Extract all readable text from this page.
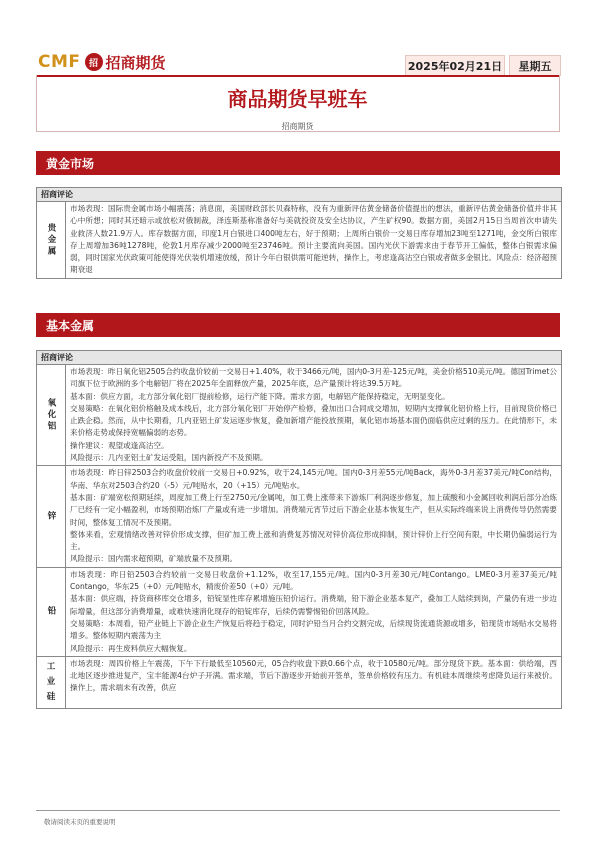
CMF 招 招商期货	2025年02月21日	星期五
商品期货早班车
招商期货
黄金市场
招商评论
贵金属

市场表现：国际贵金属市场小幅震荡；消息面，美国财政部长贝森特称，没有为重新评估黄金储备价值提出的想法，重新评估黄金储备价值并非其心中所想；同时其还暗示或放松对俄制裁，泽连斯基称准备好与美就投资及安全达协议，产生矿权90。数据方面，美国2月15日当周首次申请失业救济人数21.9万人。库存数据方面，印度1月白银进口400吨左右，好于预期；上周所白银价一交易日库存增加23吨至1271吨，金交所白银库存上周增加36吨1278吨，伦敦1月库存减少2000吨至23746吨。预计主要流向美国。国内光伏下游需求由于春节开工偏低，整体白银需求偏弱，同时国家光伏政策可能使得光伏装机增速放缓，预计今年白银供需可能逆转，操作上，考虑逢高沽空白银或者做多金银比。风险点：经济超预期衰退

基本金属
招商评论
氧化铝

市场表现：昨日氧化铝2505合约收盘价较前一交易日+1.40%，收于3466元/吨，国内0-3月差-125元/吨，美金价格510美元/吨。德国Trimet公司旗下位于欧洲的多个电解铝厂将在2025年全面释放产量，2025年底，总产量预计将达39.5万吨。

基本面：供应方面，北方部分氧化铝厂提前检修，运行产能下降。需求方面，电解铝产能保持稳定，无明显变化。

交易策略：在氧化铝价格触及成本线后，北方部分氧化铝厂开始停产检修，叠加出口合同成交增加，短期内支撑氧化铝价格上行，目前现货价格已止跌企稳。然而，从中长期看，几内亚铝土矿发运逐步恢复，叠加新增产能投放预期，氧化铝市场基本面仍面临供应过剩的压力。在此情形下，未来价格走势或保持宽幅偏弱的态势。

操作建议：观望或逢高沽空。

风险提示：几内亚铝土矿发运受阻，国内新投产不及预期。

锌

市场表现：昨日锌2503合约收盘价较前一交易日+0.92%，收于24,145元/吨。国内0-3月差55元/吨Back，海外0-3月差37美元/吨Con结构，华南、华东对2503合约20（-5）元/吨贴水，20（+15）元/吨贴水。

基本面：矿端宽松预期延续，周度加工费上行至2750元/金属吨，加工费上涨带来下游炼厂利润逐步修复，加上硫酸和小金属回收利润后部分冶炼厂已经有一定小幅盈利，市场预期冶炼厂产量或有进一步增加。消费端元宵节过后下游企业基本恢复生产，但从实际终端来说上消费传导仍然需要时间，整体复工情况不及预期。

整体来看，宏观情绪改善对锌价形成支撑，但矿加工费上涨和消费复苏情况对锌价高位形成抑制，预计锌价上行空间有限，中长期仍偏弱运行为主。

风险提示：国内需求超预期，矿端放量不及预期。

铅

市场表现：昨日铅2503合约较前一交易日收盘价+1.12%，收至17,155元/吨。国内0-3月差30元/吨Contango。LME0-3月差37美元/吨Contango，华东25（+0）元/吨贴水，精废价差50（+0）元/吨。

基本面：供应端，持货商移库交仓增多，铅锭显性库存累增施压铅价运行。消费端，铅下游企业基本复产，叠加工人陆续到岗，产量仍有进一步边际增量，但这部分消费增量，或难快速消化现存的铅锭库存，后续仍需警惕铅价回落风险。

交易策略：本周看，铅产业链上下游企业生产恢复后将趋于稳定，同时沪铅当月合约交割完成，后续现货流通货源或增多，铅现货市场贴水交易将增多。整体短期内震荡为主

风险提示：再生废料供应大幅恢复。

工业硅

市场表现：周四价格上午震荡，下午下行最低至10560元，05合约收盘下跌0.66个点，收于10580元/吨。部分现货下跌。基本面：供给端，西北地区逐步推进复产，宝丰能源4台炉子开满。需求端，节后下游逐步开始前开签单，签单价格较有压力。有机硅本周继续考虑降负运行来被价。操作上，需求端未有改善，供应

敬请阅读末页的重要说明
